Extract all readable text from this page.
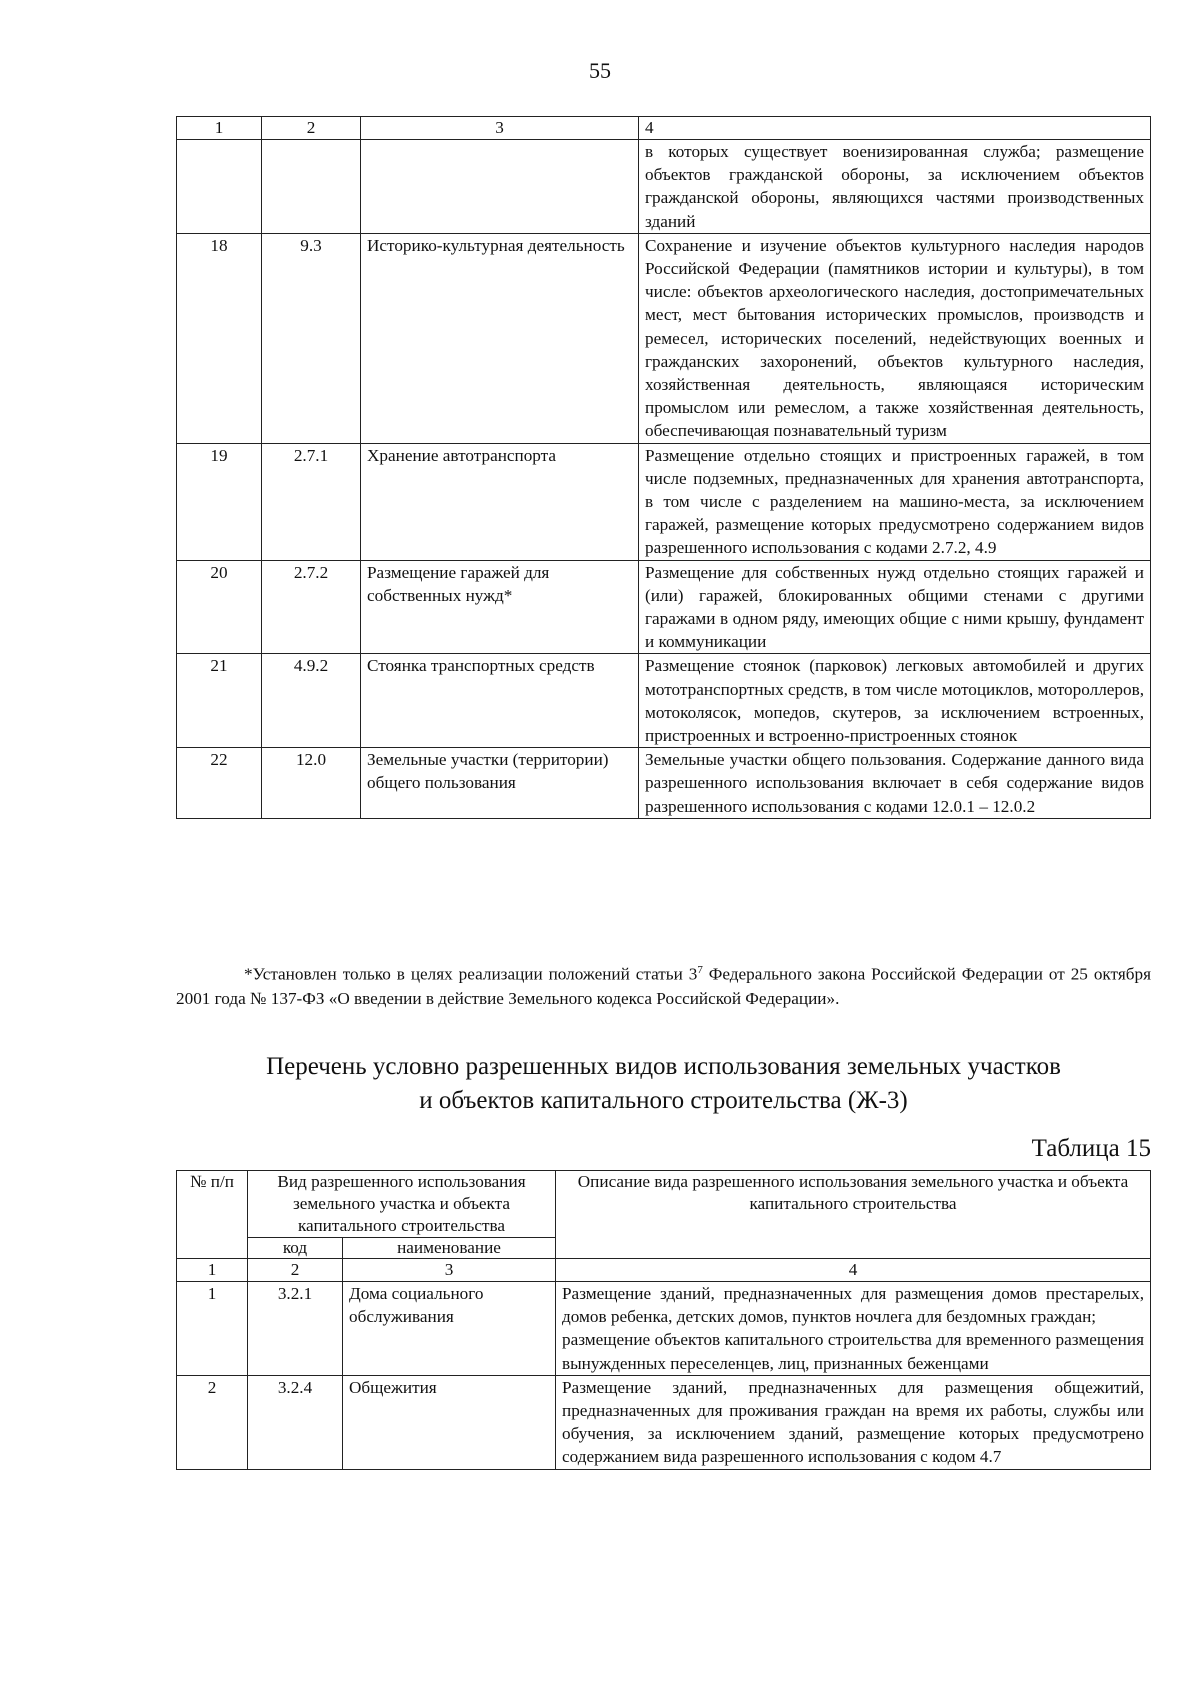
55
1	2	3	4
			в которых существует военизированная служба; размещение объектов гражданской обороны, за исключением объектов гражданской обороны, являющихся частями производственных зданий
18	9.3	Историко-культурная деятельность	Сохранение и изучение объектов культурного наследия народов Российской Федерации (памятников истории и культуры), в том числе: объектов археологического наследия, достопримечательных мест, мест бытования исторических промыслов, производств и ремесел, исторических поселений, недействующих военных и гражданских захоронений, объектов культурного наследия, хозяйственная деятельность, являющаяся историческим промыслом или ремеслом, а также хозяйственная деятельность, обеспечивающая познавательный туризм
19	2.7.1	Хранение автотранспорта	Размещение отдельно стоящих и пристроенных гаражей, в том числе подземных, предназначенных для хранения автотранспорта, в том числе с разделением на машино-места, за исключением гаражей, размещение которых предусмотрено содержанием видов разрешенного использования с кодами 2.7.2, 4.9
20	2.7.2	Размещение гаражей для собственных нужд*	Размещение для собственных нужд отдельно стоящих гаражей и (или) гаражей, блокированных общими стенами с другими гаражами в одном ряду, имеющих общие с ними крышу, фундамент и коммуникации
21	4.9.2	Стоянка транспортных средств	Размещение стоянок (парковок) легковых автомобилей и других мототранспортных средств, в том числе мотоциклов, мотороллеров, мотоколясок, мопедов, скутеров, за исключением встроенных, пристроенных и встроенно-пристроенных стоянок
22	12.0	Земельные участки (территории) общего пользования	Земельные участки общего пользования. Содержание данного вида разрешенного использования включает в себя содержание видов разрешенного использования с кодами 12.0.1 – 12.0.2
*Установлен только в целях реализации положений статьи $3^7$ Федерального закона Российской Федерации от 25 октября 2001 года № 137-ФЗ «О введении в действие Земельного кодекса Российской Федерации».
Перечень условно разрешенных видов использования земельных участков
и объектов капитального строительства (Ж-3)
Таблица 15
№ п/п	Вид разрешенного использования земельного участка и объекта капитального строительства		Описание вида разрешенного использования земельного участка и объекта капитального строительства
	код	наименование	
1	2	3	4
1	3.2.1	Дома социального обслуживания	Размещение зданий, предназначенных для размещения домов престарелых, домов ребенка, детских домов, пунктов ночлега для бездомных граждан;
размещение объектов капитального строительства для временного размещения вынужденных переселенцев, лиц, признанных беженцами

2	3.2.4	Общежития	Размещение зданий, предназначенных для размещения общежитий, предназначенных для проживания граждан на время их работы, службы или обучения, за исключением зданий, размещение которых предусмотрено содержанием вида разрешенного использования с кодом 4.7
